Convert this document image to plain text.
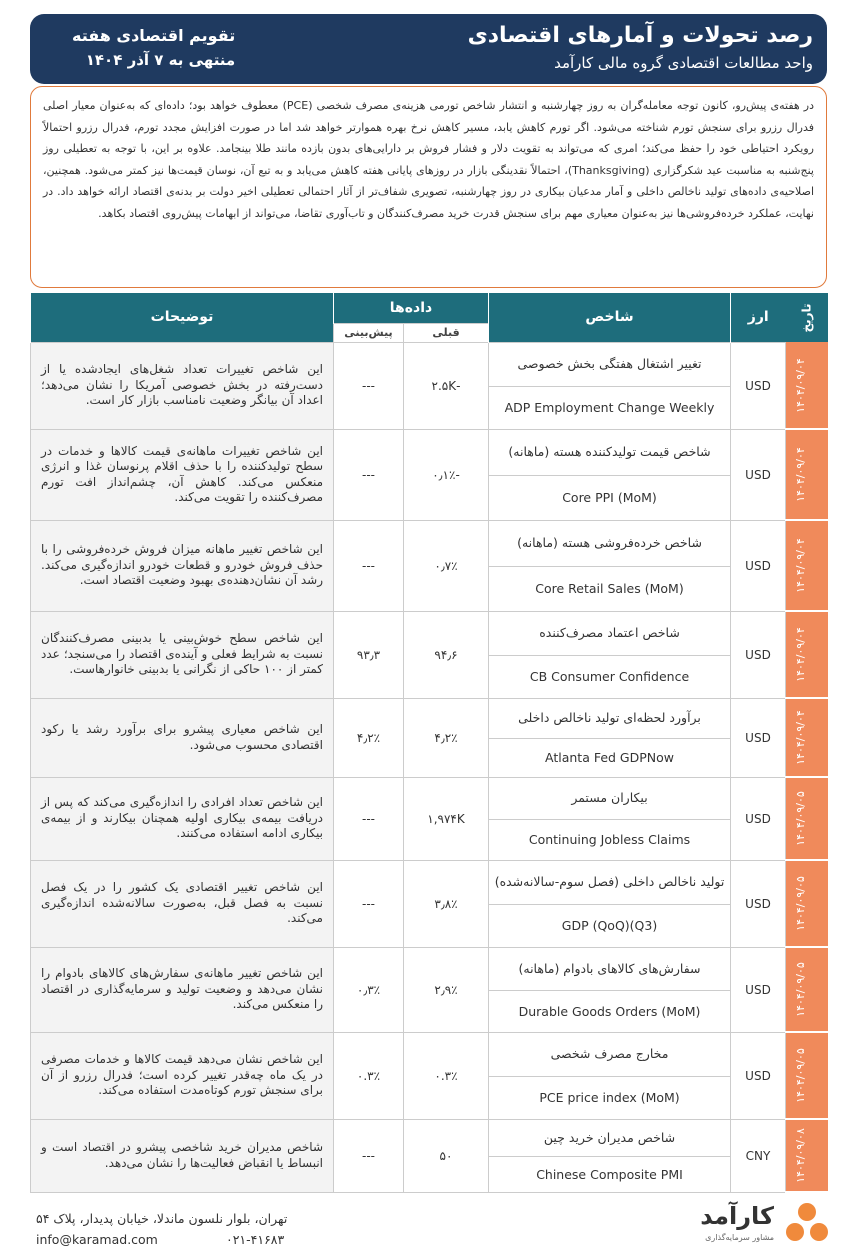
رصد تحولات و آمارهای اقتصادی
واحد مطالعات اقتصادی گروه مالی کارآمد
تقویم اقتصادی هفته
منتهی به ۷ آذر ۱۴۰۴
در هفته‌ی پیش‌رو، کانون توجه معامله‌گران به روز چهارشنبه و انتشار شاخص تورمی هزینه‌ی مصرف شخصی (PCE) معطوف خواهد بود؛ داده‌ای که به‌عنوان معیار اصلی فدرال رزرو برای سنجش تورم شناخته می‌شود. اگر تورم کاهش یابد، مسیر کاهش نرخ بهره هموارتر خواهد شد اما در صورت افزایش مجدد تورم، فدرال رزرو احتمالاً رویکرد احتیاطی خود را حفظ می‌کند؛ امری که می‌تواند به تقویت دلار و فشار فروش بر دارایی‌های بدون بازده مانند طلا بینجامد. علاوه بر این، با توجه به تعطیلی روز پنج‌شنبه به مناسبت عید شکرگزاری (Thanksgiving)، احتمالاً نقدینگی بازار در روزهای پایانی هفته کاهش می‌یابد و به تبع آن، نوسان قیمت‌ها نیز کمتر می‌شود. همچنین، اصلاحیه‌ی داده‌های تولید ناخالص داخلی و آمار مدعیان بیکاری در روز چهارشنبه، تصویری شفاف‌تر از آثار احتمالی تعطیلی اخیر دولت بر بدنه‌ی اقتصاد ارائه خواهد داد. در نهایت، عملکرد خرده‌فروشی‌ها نیز به‌عنوان معیاری مهم برای سنجش قدرت خرید مصرف‌کنندگان و تاب‌آوری تقاضا، می‌تواند از ابهامات پیش‌روی اقتصاد بکاهد.
تاریخ	ارز	شاخص	داده‌ها		توضیحات
			قبلی	پیش‌بینی	
۱۴۰۴/۰۹/۰۴	USD	تغییر اشتغال هفتگی بخش خصوصی
ADP Employment Change Weekly	-۲.۵K	---	این شاخص تغییرات تعداد شغل‌های ایجادشده یا از دست‌رفته در بخش خصوصی آمریکا را نشان می‌دهد؛ اعداد آن بیانگر وضعیت نامناسب بازار کار است.
۱۴۰۴/۰۹/۰۴	USD	شاخص قیمت تولیدکننده هسته (ماهانه)
Core PPI (MoM)	-۰٫۱٪	---	این شاخص تغییرات ماهانه‌ی قیمت کالاها و خدمات در سطح تولیدکننده را با حذف اقلام پرنوسان غذا و انرژی منعکس می‌کند. کاهش آن، چشم‌انداز افت تورم مصرف‌کننده را تقویت می‌کند.
۱۴۰۴/۰۹/۰۴	USD	شاخص خرده‌فروشی هسته (ماهانه)
Core Retail Sales (MoM)	۰٫۷٪	---	این شاخص تغییر ماهانه میزان فروش خرده‌فروشی را با حذف فروش خودرو و قطعات خودرو اندازه‌گیری می‌کند. رشد آن نشان‌دهنده‌ی بهبود وضعیت اقتصاد است.
۱۴۰۴/۰۹/۰۴	USD	شاخص اعتماد مصرف‌کننده
CB Consumer Confidence	۹۴٫۶	۹۳٫۳	این شاخص سطح خوش‌بینی یا بدبینی مصرف‌کنندگان نسبت به شرایط فعلی و آینده‌ی اقتصاد را می‌سنجد؛ عدد کمتر از ۱۰۰ حاکی از نگرانی یا بدبینی خانوارهاست.
۱۴۰۴/۰۹/۰۴	USD	برآورد لحظه‌ای تولید ناخالص داخلی
Atlanta Fed GDPNow	۴٫۲٪	۴٫۲٪	این شاخص معیاری پیشرو برای برآورد رشد یا رکود اقتصادی محسوب می‌شود.
۱۴۰۴/۰۹/۰۵	USD	بیکاران مستمر
Continuing Jobless Claims	۱,۹۷۴K	---	این شاخص تعداد افرادی را اندازه‌گیری می‌کند که پس از دریافت بیمه‌ی بیکاری اولیه همچنان بیکارند و از بیمه‌ی بیکاری ادامه استفاده می‌کنند.
۱۴۰۴/۰۹/۰۵	USD	تولید ناخالص داخلی (فصل سوم-سالانه‌شده)
GDP (QoQ)(Q3)	۳٫۸٪	---	این شاخص تغییر اقتصادی یک کشور را در یک فصل نسبت به فصل قبل، به‌صورت سالانه‌شده اندازه‌گیری می‌کند.
۱۴۰۴/۰۹/۰۵	USD	سفارش‌های کالاهای بادوام (ماهانه)
Durable Goods Orders (MoM)	۲٫۹٪	۰٫۳٪	این شاخص تغییر ماهانه‌ی سفارش‌های کالاهای بادوام را نشان می‌دهد و وضعیت تولید و سرمایه‌گذاری در اقتصاد را منعکس می‌کند.
۱۴۰۴/۰۹/۰۵	USD	مخارج مصرف شخصی
PCE price index (MoM)	۰.۳٪	۰.۳٪	این شاخص نشان می‌دهد قیمت کالاها و خدمات مصرفی در یک ماه چه‌قدر تغییر کرده است؛ فدرال رزرو از آن برای سنجش تورم کوتاه‌مدت استفاده می‌کند.
۱۴۰۴/۰۹/۰۸	CNY	شاخص مدیران خرید چین
Chinese Composite PMI	۵۰	---	شاخص مدیران خرید شاخصی پیشرو در اقتصاد است و انبساط یا انقباض فعالیت‌ها را نشان می‌دهد.
تهران، بلوار نلسون ماندلا، خیابان پدیدار، پلاک ۵۴
info@karamad.com	۰۲۱-۴۱۶۸۳
کارآمد
مشاور سرمایه‌گذاری
